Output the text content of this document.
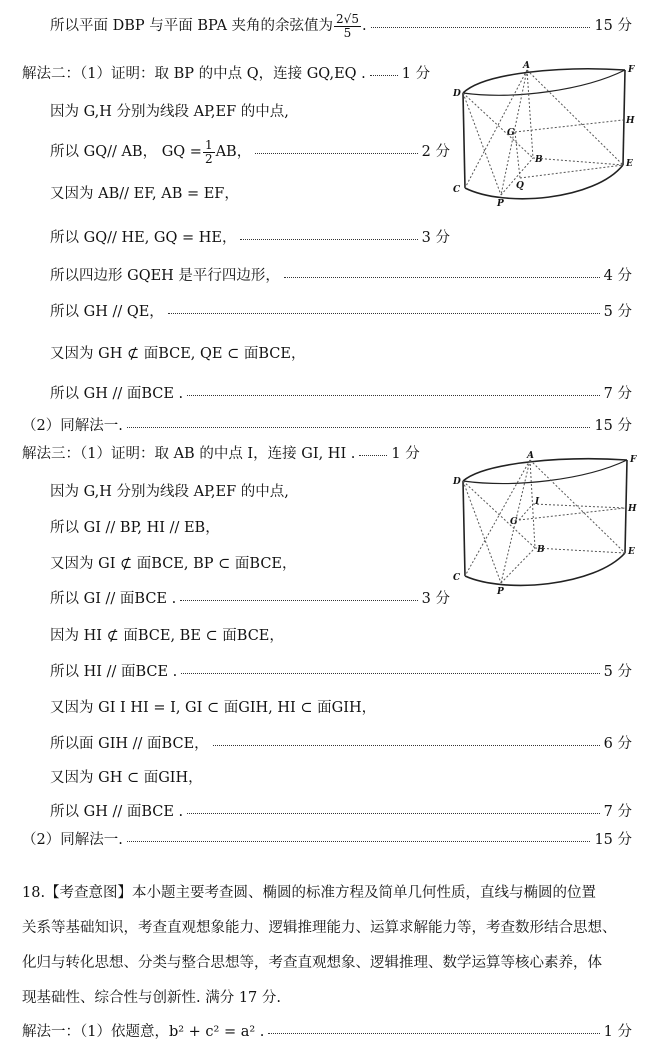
所以平面 DBP 与平面 BPA 夹角的余弦值为 $\frac{2√5}{5}$ .	15 分
解法二：（1）证明：取 BP 的中点 Q，连接 GQ,EQ . 1 分
因为 G,H 分别为线段 AP,EF 的中点,
所以 GQ// AB， GQ = $\frac{1}{2}$ AB，	2 分
又因为 AB// EF, AB = EF，
所以 GQ// HE, GQ = HE，	3 分
所以四边形 GQEH 是平行四边形，	4 分
所以 GH // QE，	5 分
又因为 GH ⊄ 面BCE, QE ⊂ 面BCE，
所以 GH // 面BCE .	7 分
（2）同解法一.	15 分
解法三：（1）证明：取 AB 的中点 I，连接 GI, HI . 1 分
因为 G,H 分别为线段 AP,EF 的中点,
所以 GI // BP, HI // EB，
又因为 GI ⊄ 面BCE, BP ⊂ 面BCE，
所以 GI // 面BCE .	3 分
因为 HI ⊄ 面BCE, BE ⊂ 面BCE，
所以 HI // 面BCE .	5 分
又因为 GI I HI = I, GI ⊂ 面GIH, HI ⊂ 面GIH，
所以面 GIH // 面BCE，	6 分
又因为 GH ⊂ 面GIH，
所以 GH // 面BCE .	7 分
（2）同解法一.	15 分
18.【考查意图】本小题主要考查圆、椭圆的标准方程及简单几何性质，直线与椭圆的位置
关系等基础知识，考查直观想象能力、逻辑推理能力、运算求解能力等，考查数形结合思想、
化归与转化思想、分类与整合思想等，考查直观想象、逻辑推理、数学运算等核心素养，体
现基础性、综合性与创新性. 满分 17 分.
解法一：（1）依题意，b² + c² = a² .	1 分
A	F
D
H
G
B	E
C
P
Q
A	F
D
I
H
G
B	E
C
P
